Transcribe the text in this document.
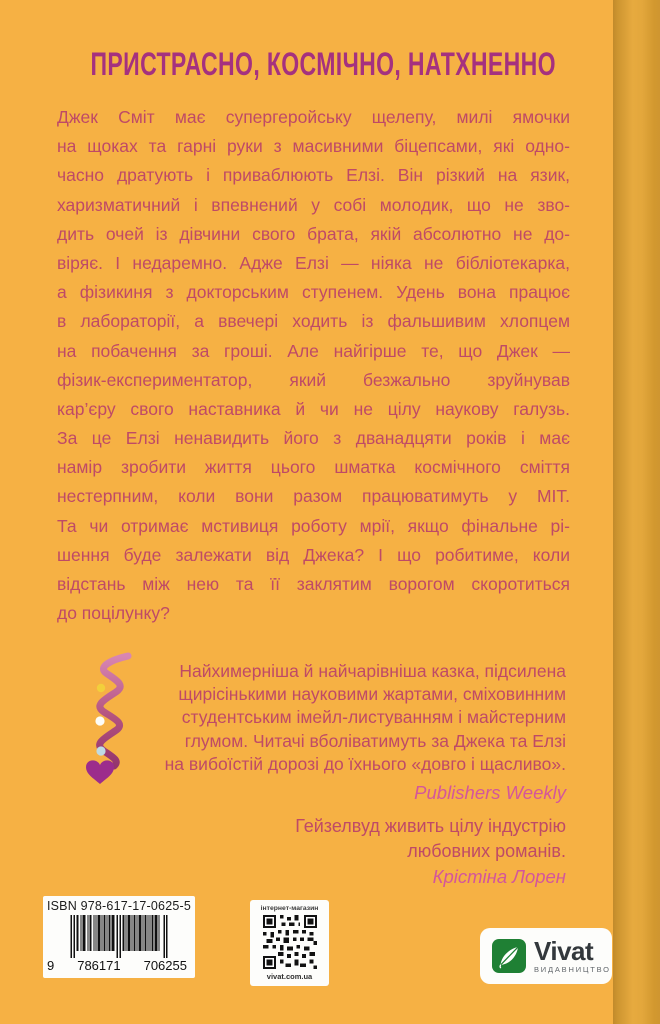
ПРИСТРАСНО, КОСМІЧНО, НАТХНЕННО
Джек Сміт має супергеройську щелепу, милі ямочки
на щоках та гарні руки з масивними біцепсами, які одно-
часно дратують і приваблюють Елзі. Він різкий на язик,
харизматичний і впевнений у собі молодик, що не зво-
дить очей із дівчини свого брата, якій абсолютно не до-
віряє. І недаремно. Адже Елзі — ніяка не бібліотекарка,
а фізикиня з докторським ступенем. Удень вона працює
в лабораторії, а ввечері ходить із фальшивим хлопцем
на побачення за гроші. Але найгірше те, що Джек —
фізик-експериментатор, який безжально зруйнував
кар’єру свого наставника й чи не цілу наукову галузь.
За це Елзі ненавидить його з дванадцяти років і має
намір зробити життя цього шматка космічного сміття
нестерпним, коли вони разом працюватимуть у МІТ.
Та чи отримає мстивиця роботу мрії, якщо фінальне рі-
шення буде залежати від Джека? І що робитиме, коли
відстань між нею та її заклятим ворогом скоротиться
до поцілунку?
Найхимерніша й найчарівніша казка, підсилена
щирісінькими науковими жартами, сміховинним
студентським імейл-листуванням і майстерним
глумом. Читачі вболіватимуть за Джека та Елзі
на вибоїстій дорозі до їхнього «довго і щасливо».
Publishers Weekly
Гейзелвуд живить цілу індустрію
любовних романів.
Крістіна Лорен
ISBN 978-617-17-0625-5
9 786171 706255
інтернет-магазин
vivat.com.ua
Vivat
ВИДАВНИЦТВО
